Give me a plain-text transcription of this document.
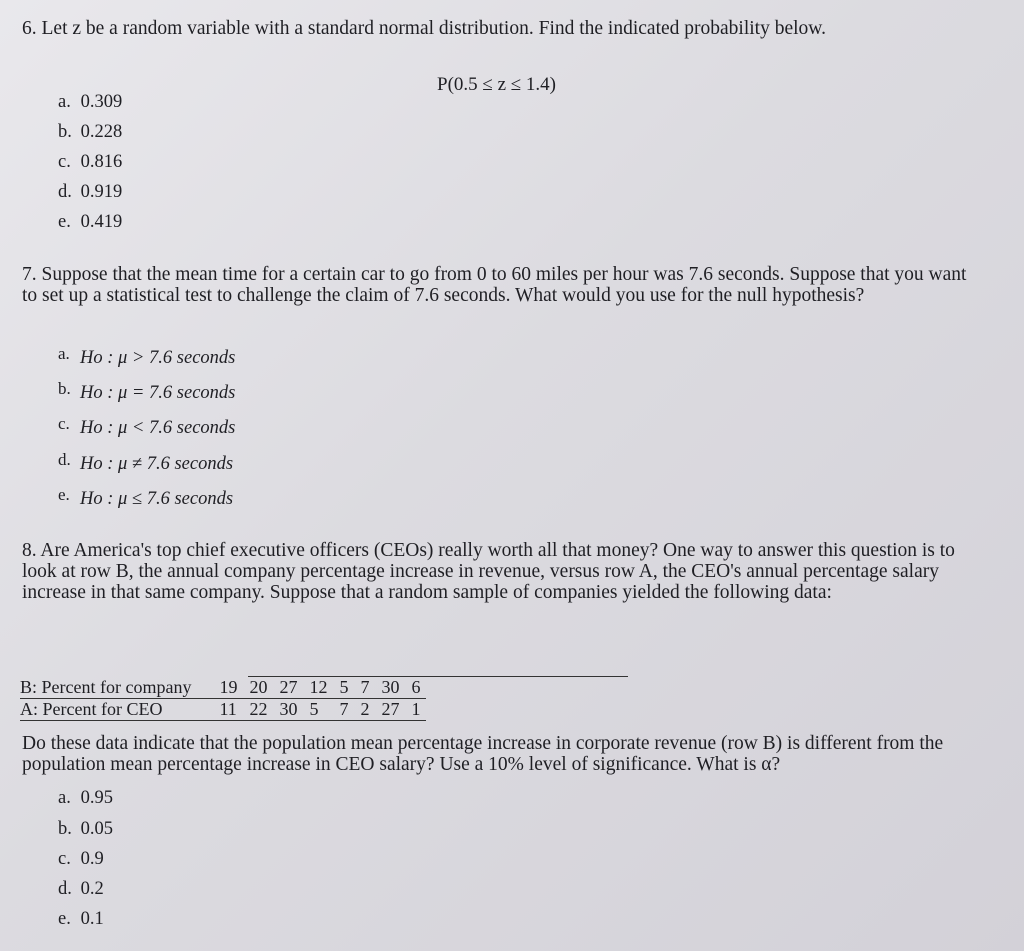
6. Let z be a random variable with a standard normal distribution. Find the indicated probability below.
P(0.5 ≤ z ≤ 1.4)
a. 0.309
b. 0.228
c. 0.816
d. 0.919
e. 0.419
7. Suppose that the mean time for a certain car to go from 0 to 60 miles per hour was 7.6 seconds. Suppose that you want to set up a statistical test to challenge the claim of 7.6 seconds. What would you use for the null hypothesis?
a. Ho : μ > 7.6 seconds
b. Ho : μ = 7.6 seconds
c. Ho : μ < 7.6 seconds
d. Ho : μ ≠ 7.6 seconds
e. Ho : μ ≤ 7.6 seconds
8. Are America's top chief executive officers (CEOs) really worth all that money? One way to answer this question is to look at row B, the annual company percentage increase in revenue, versus row A, the CEO's annual percentage salary increase in that same company. Suppose that a random sample of companies yielded the following data:
B: Percent for company	19	20	27	12	5	7	30	6
A: Percent for CEO	11	22	30	5	7	2	27	1
Do these data indicate that the population mean percentage increase in corporate revenue (row B) is different from the population mean percentage increase in CEO salary? Use a 10% level of significance. What is α?
a. 0.95
b. 0.05
c. 0.9
d. 0.2
e. 0.1
